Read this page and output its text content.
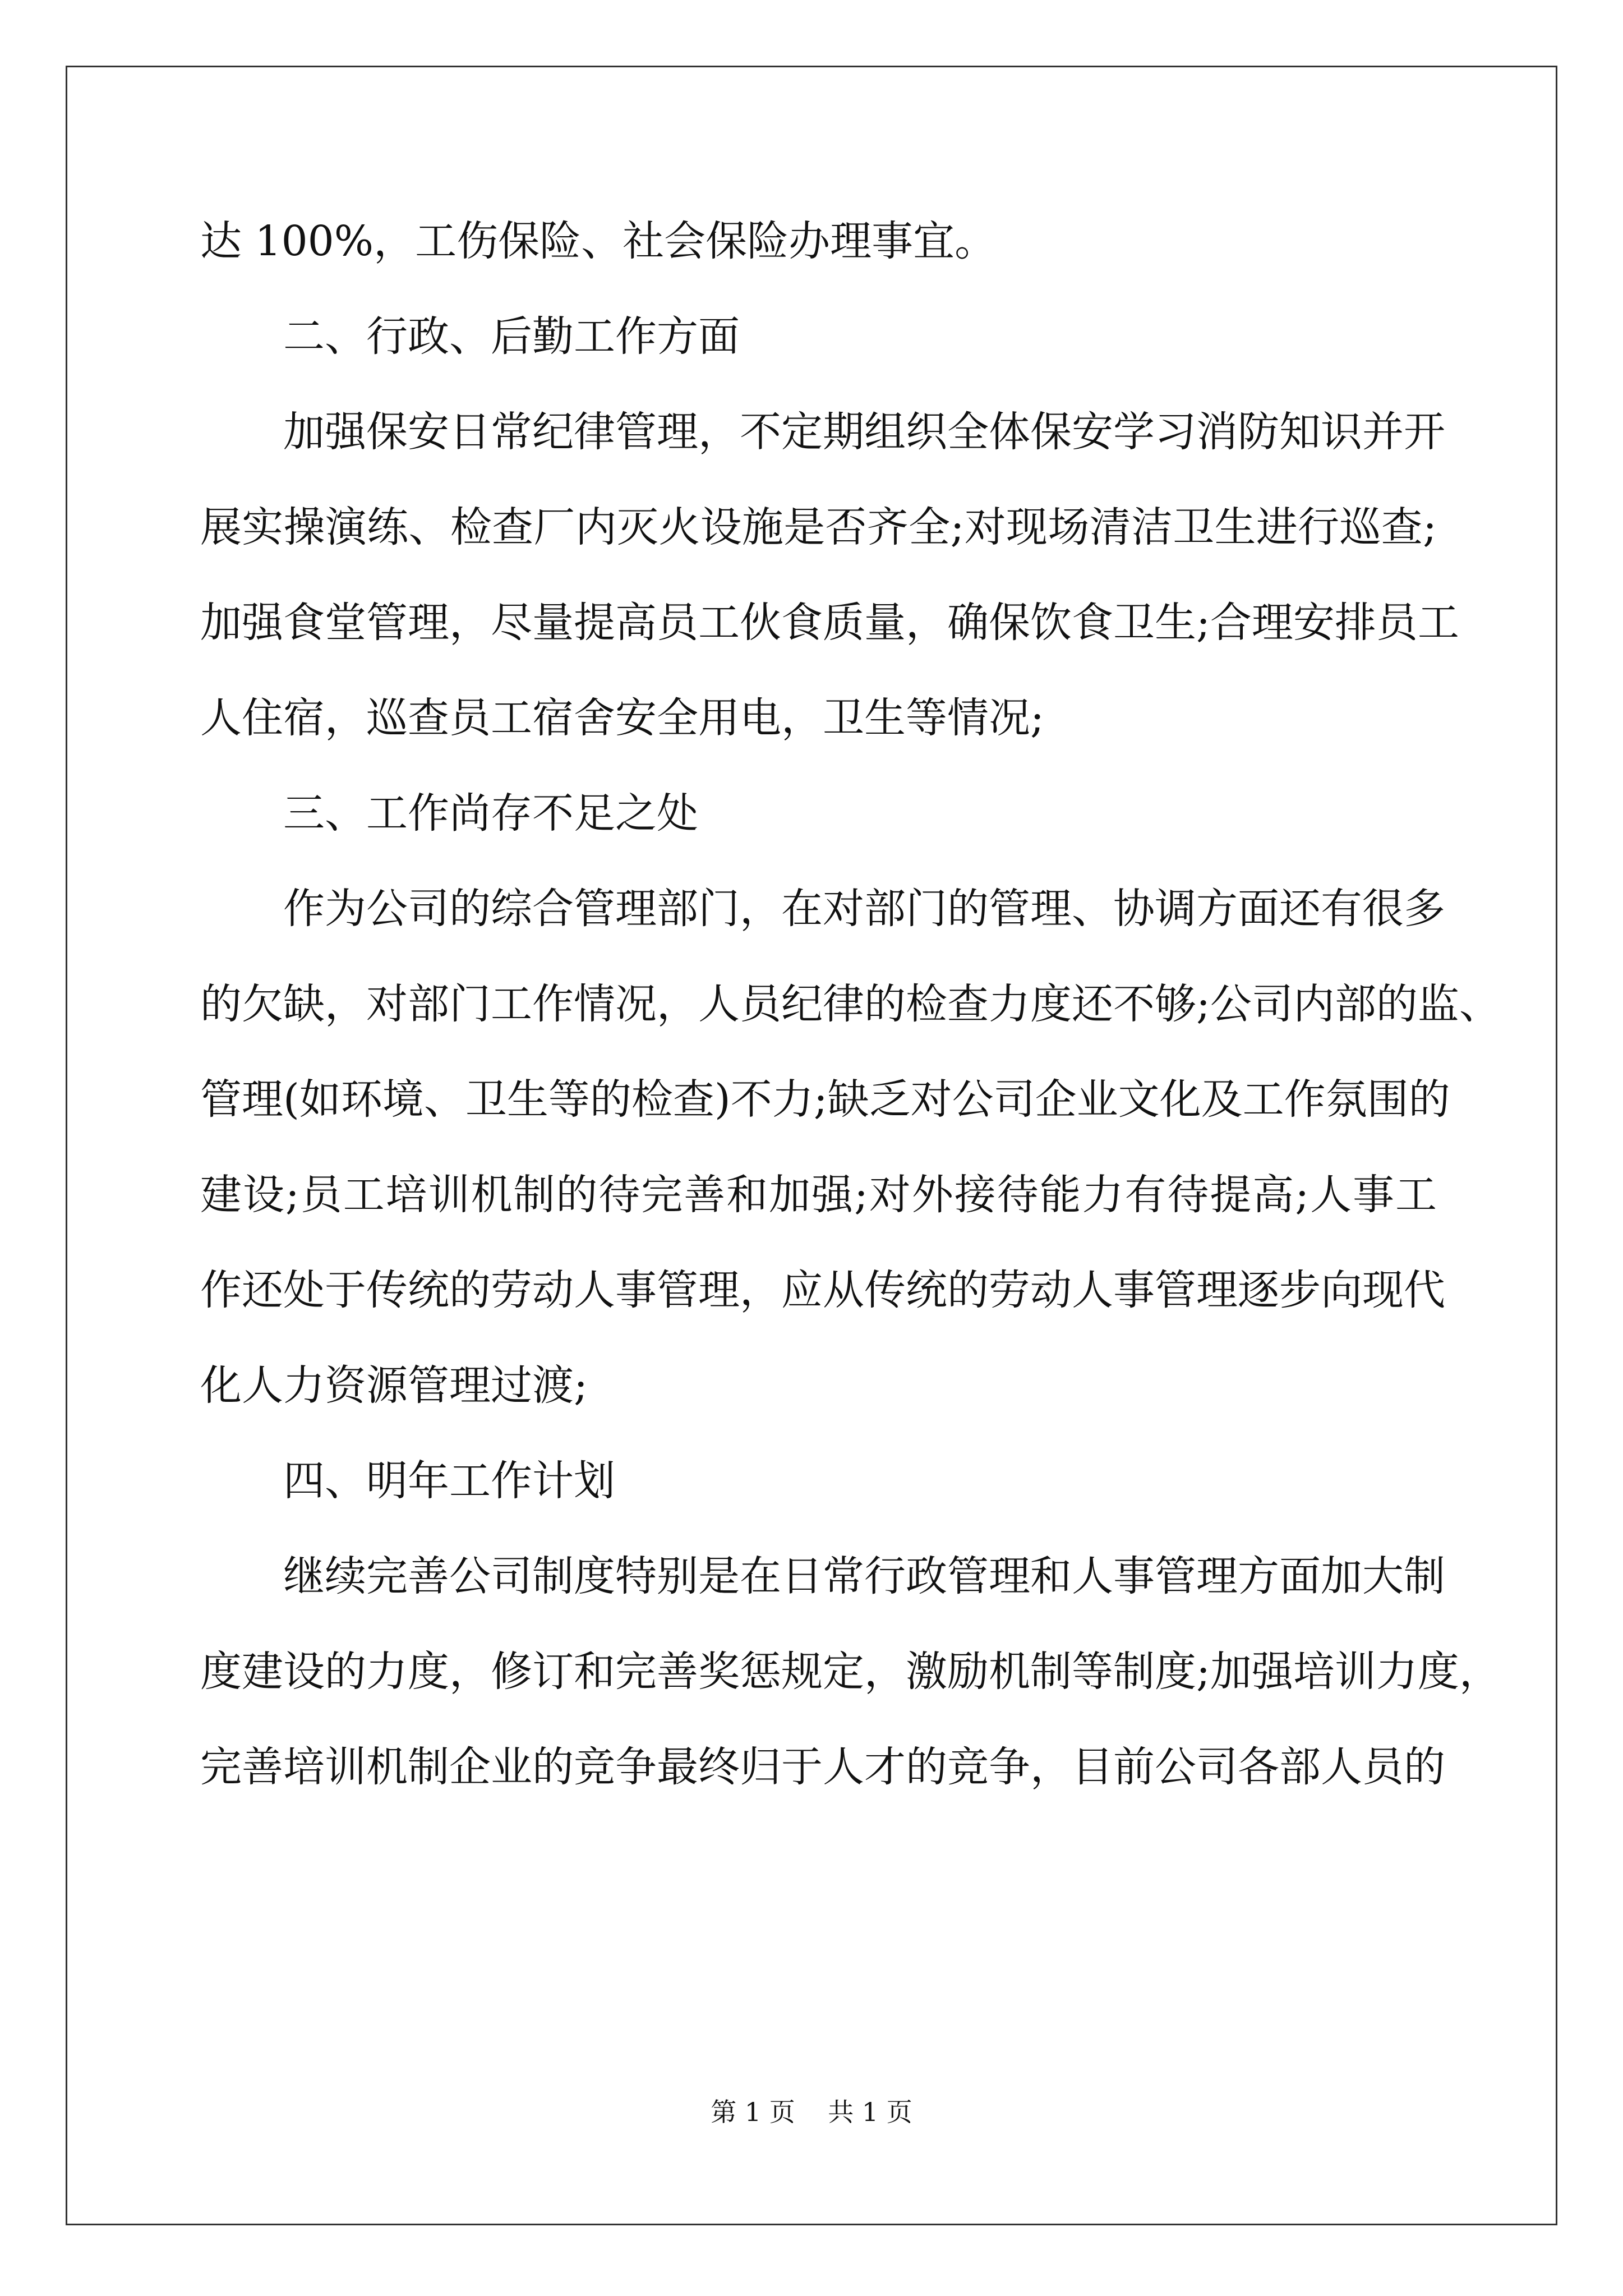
达 100%，工伤保险、社会保险办理事宜。
二、行政、后勤工作方面
加强保安日常纪律管理，不定期组织全体保安学习消防知识并开
展实操演练、检查厂内灭火设施是否齐全;对现场清洁卫生进行巡查;
加强食堂管理，尽量提高员工伙食质量，确保饮食卫生;合理安排员工
人住宿，巡查员工宿舍安全用电，卫生等情况;
三、工作尚存不足之处
作为公司的综合管理部门，在对部门的管理、协调方面还有很多
的欠缺，对部门工作情况，人员纪律的检查力度还不够;公司内部的监、
管理(如环境、卫生等的检查)不力;缺乏对公司企业文化及工作氛围的
建设;员工培训机制的待完善和加强;对外接待能力有待提高;人事工
作还处于传统的劳动人事管理，应从传统的劳动人事管理逐步向现代
化人力资源管理过渡;
四、明年工作计划
继续完善公司制度特别是在日常行政管理和人事管理方面加大制
度建设的力度，修订和完善奖惩规定，激励机制等制度;加强培训力度，
完善培训机制企业的竞争最终归于人才的竞争，目前公司各部人员的
第 1 页 共 1 页
